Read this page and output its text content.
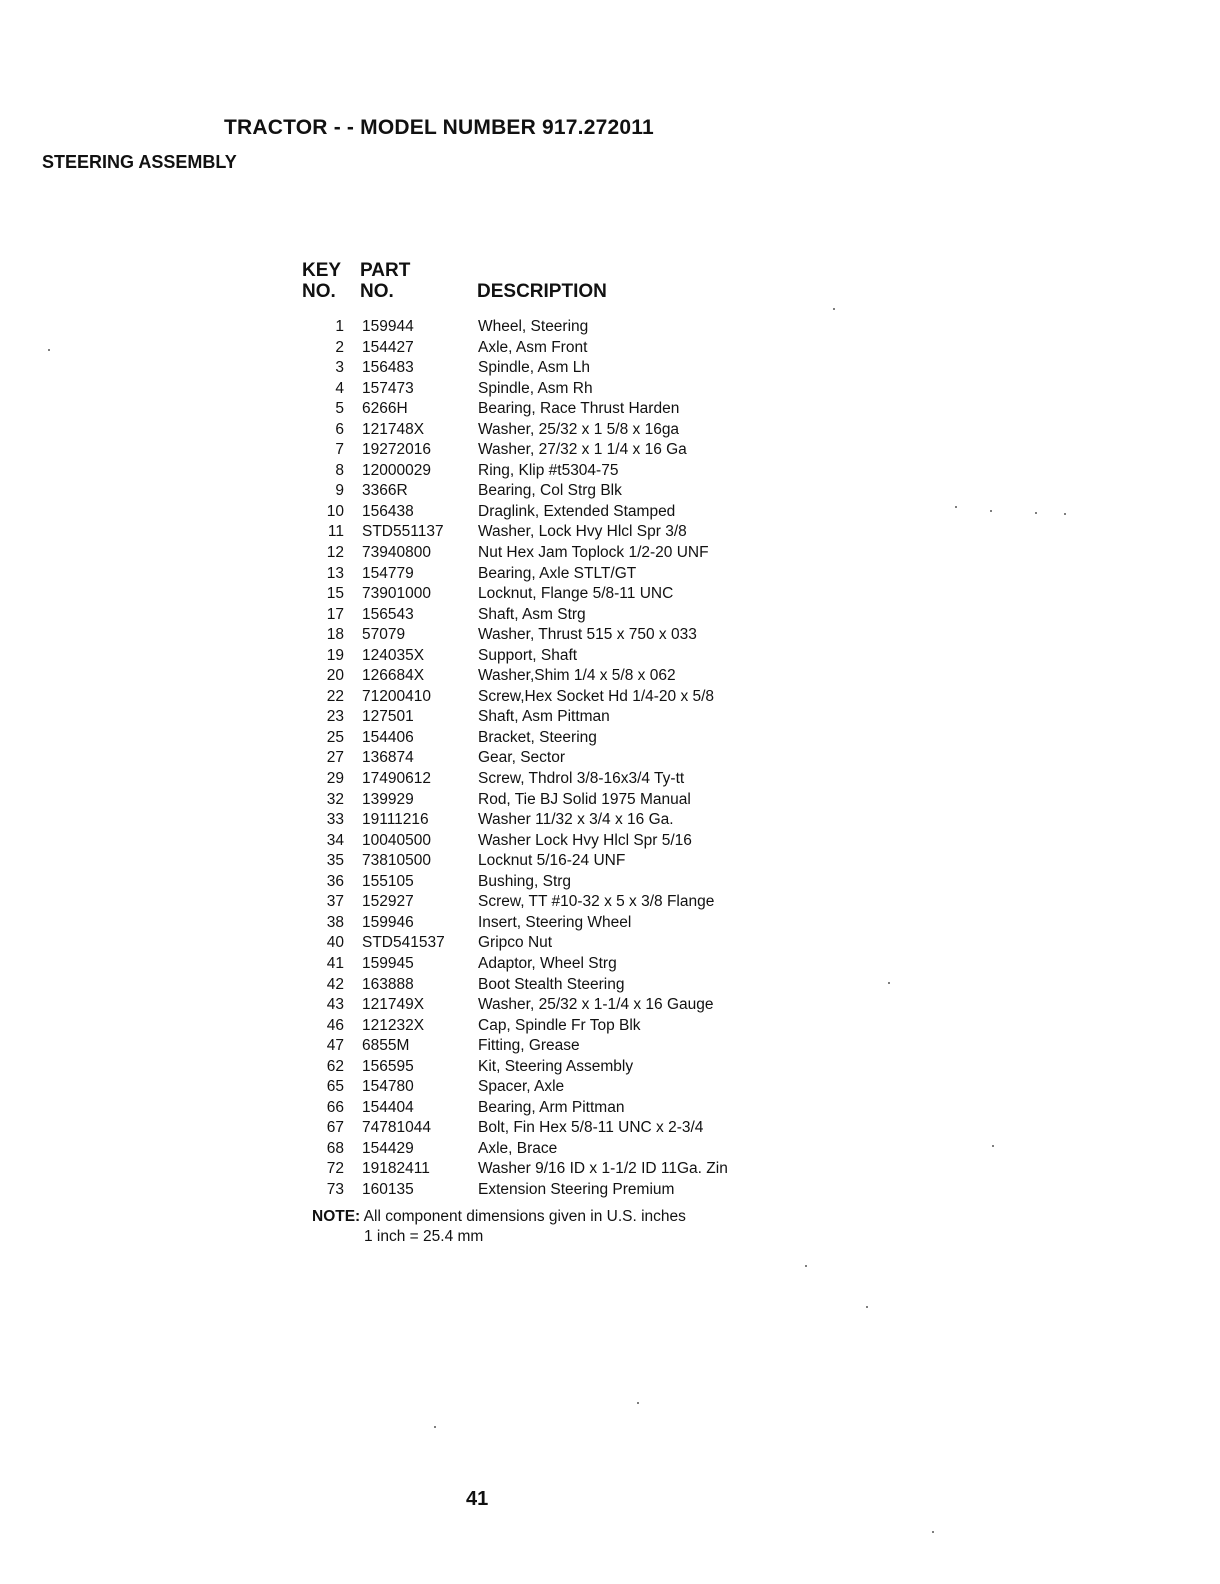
TRACTOR - - MODEL NUMBER 917.272011
STEERING ASSEMBLY
KEY
NO.
PART
NO.	DESCRIPTION
1 159944	Wheel, Steering
2 154427	Axle, Asm Front
3 156483	Spindle, Asm Lh
4 157473	Spindle, Asm Rh
5 6266H	Bearing, Race Thrust Harden
6 121748X	Washer, 25/32 x 1 5/8 x 16ga
7 19272016	Washer, 27/32 x 1 1/4 x 16 Ga
8 12000029	Ring, Klip #t5304-75
9 3366R	Bearing, Col Strg Blk
10 156438	Draglink, Extended Stamped
11 STD551137 Washer, Lock Hvy Hlcl Spr 3/8
12 73940800	Nut Hex Jam Toplock 1/2-20 UNF
13 154779	Bearing, Axle STLT/GT
15 73901000	Locknut, Flange 5/8-11 UNC
17 156543	Shaft, Asm Strg
18 57079	Washer, Thrust 515 x 750 x 033
19 124035X	Support, Shaft
20 126684X	Washer,Shim 1/4 x 5/8 x 062
22 71200410	Screw,Hex Socket Hd 1/4-20 x 5/8
23 127501	Shaft, Asm Pittman
25 154406	Bracket, Steering
27 136874	Gear, Sector
29 17490612	Screw, Thdrol 3/8-16x3/4 Ty-tt
32 139929	Rod, Tie BJ Solid 1975 Manual
33 19111216	Washer 11/32 x 3/4 x 16 Ga.
34 10040500	Washer Lock Hvy Hlcl Spr 5/16
35 73810500	Locknut 5/16-24 UNF
36 155105	Bushing, Strg
37 152927	Screw, TT #10-32 x 5 x 3/8 Flange
38 159946	Insert, Steering Wheel
40 STD541537 Gripco Nut
41 159945	Adaptor, Wheel Strg
42 163888	Boot Stealth Steering
43 121749X	Washer, 25/32 x 1-1/4 x 16 Gauge
46 121232X	Cap, Spindle Fr Top Blk
47 6855M	Fitting, Grease
62 156595	Kit, Steering Assembly
65 154780	Spacer, Axle
66 154404	Bearing, Arm Pittman
67 74781044	Bolt, Fin Hex 5/8-11 UNC x 2-3/4
68 154429	Axle, Brace
72 19182411	Washer 9/16 ID x 1-1/2 ID 11Ga. Zin
73 160135	Extension Steering Premium
NOTE: All component dimensions given in U.S. inches
1 inch = 25.4 mm
41
